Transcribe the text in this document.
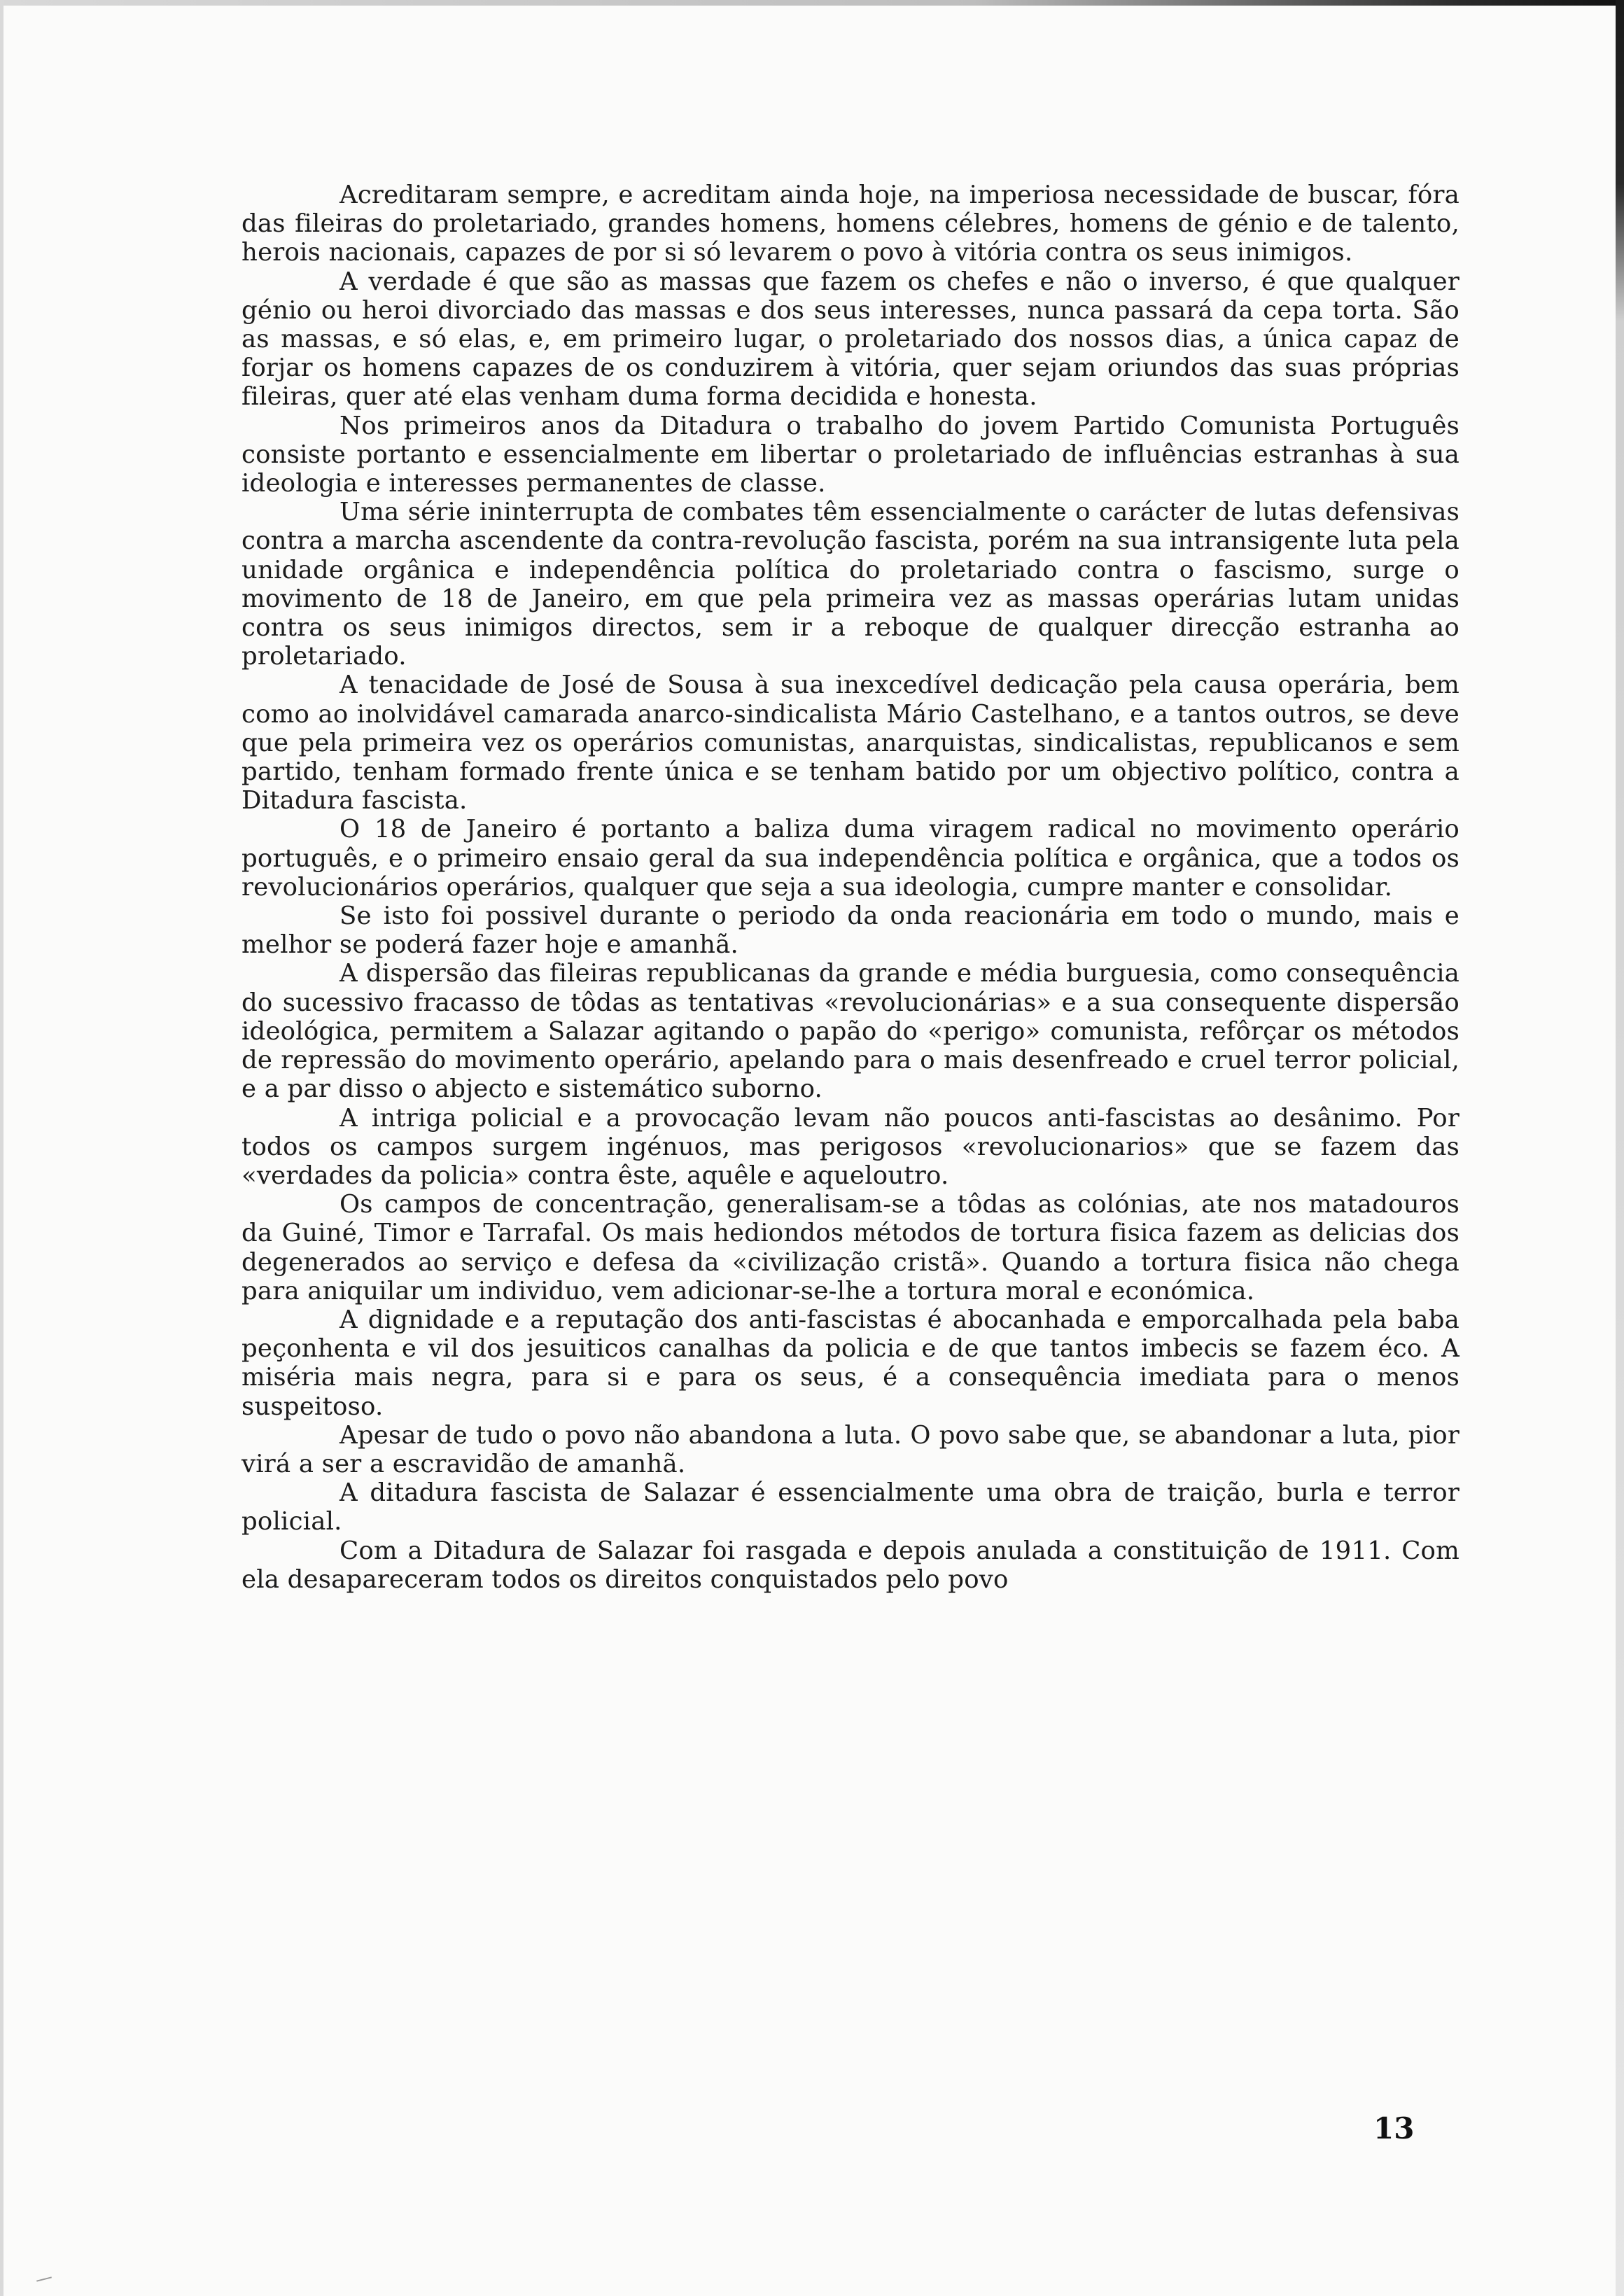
Acreditaram sempre, e acreditam ainda hoje, na imperiosa necessidade de buscar, fóra das fileiras do proletariado, grandes homens, homens célebres, homens de génio e de talento, herois nacionais, capazes de por si só levarem o povo à vitória contra os seus inimigos.

A verdade é que são as massas que fazem os chefes e não o inverso, é que qualquer génio ou heroi divorciado das massas e dos seus interesses, nunca passará da cepa torta. São as massas, e só elas, e, em primeiro lugar, o proletariado dos nossos dias, a única capaz de forjar os homens capazes de os conduzirem à vitória, quer sejam oriundos das suas próprias fileiras, quer até elas venham duma forma decidida e honesta.

Nos primeiros anos da Ditadura o trabalho do jovem Partido Comunista Português consiste portanto e essencialmente em libertar o proletariado de influências estranhas à sua ideologia e interesses permanentes de classe.

Uma série ininterrupta de combates têm essencialmente o carácter de lutas defensivas contra a marcha ascendente da contra-revolução fascista, porém na sua intransigente luta pela unidade orgânica e independência política do proletariado contra o fascismo, surge o movimento de 18 de Janeiro, em que pela primeira vez as massas operárias lutam unidas contra os seus inimigos directos, sem ir a reboque de qualquer direcção estranha ao proletariado.

A tenacidade de José de Sousa à sua inexcedível dedicação pela causa operária, bem como ao inolvidável camarada anarco-sindicalista Mário Castelhano, e a tantos outros, se deve que pela primeira vez os operários comunistas, anarquistas, sindicalistas, republicanos e sem partido, tenham formado frente única e se tenham batido por um objectivo político, contra a Ditadura fascista.

O 18 de Janeiro é portanto a baliza duma viragem radical no movimento operário português, e o primeiro ensaio geral da sua independência política e orgânica, que a todos os revolucionários operários, qualquer que seja a sua ideologia, cumpre manter e consolidar.

Se isto foi possivel durante o periodo da onda reacionária em todo o mundo, mais e melhor se poderá fazer hoje e amanhã.

A dispersão das fileiras republicanas da grande e média burguesia, como consequência do sucessivo fracasso de tôdas as tentativas «revolucionárias» e a sua consequente dispersão ideológica, permitem a Salazar agitando o papão do «perigo» comunista, refôrçar os métodos de repressão do movimento operário, apelando para o mais desenfreado e cruel terror policial, e a par disso o abjecto e sistemático suborno.

A intriga policial e a provocação levam não poucos anti-fascistas ao desânimo. Por todos os campos surgem ingénuos, mas perigosos «revolucionarios» que se fazem das «verdades da policia» contra êste, aquêle e aqueloutro.

Os campos de concentração, generalisam-se a tôdas as colónias, ate nos matadouros da Guiné, Timor e Tarrafal. Os mais hediondos métodos de tortura fisica fazem as delicias dos degenerados ao serviço e defesa da «civilização cristã». Quando a tortura fisica não chega para aniquilar um individuo, vem adicionar-se-lhe a tortura moral e económica.

A dignidade e a reputação dos anti-fascistas é abocanhada e emporcalhada pela baba peçonhenta e vil dos jesuiticos canalhas da policia e de que tantos imbecis se fazem éco. A miséria mais negra, para si e para os seus, é a consequência imediata para o menos suspeitoso.

Apesar de tudo o povo não abandona a luta. O povo sabe que, se abandonar a luta, pior virá a ser a escravidão de amanhã.

A ditadura fascista de Salazar é essencialmente uma obra de traição, burla e terror policial.

Com a Ditadura de Salazar foi rasgada e depois anulada a constituição de 1911. Com ela desapareceram todos os direitos conquistados pelo povo

13
